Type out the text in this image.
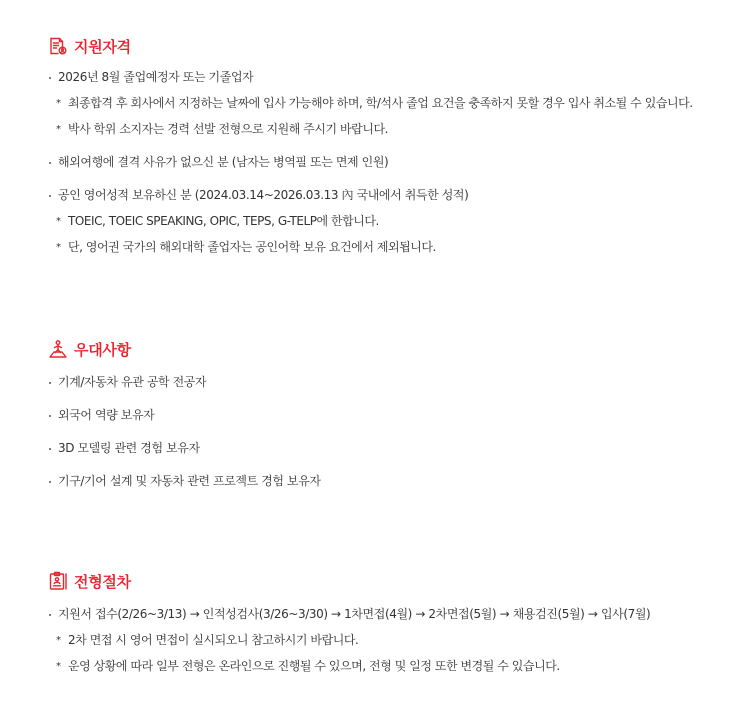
지원자격
2026년 8월 졸업예정자 또는 기졸업자
* 최종합격 후 회사에서 지정하는 날짜에 입사 가능해야 하며, 학/석사 졸업 요건을 충족하지 못할 경우 입사 취소될 수 있습니다.
* 박사 학위 소지자는 경력 선발 전형으로 지원해 주시기 바랍니다.
해외여행에 결격 사유가 없으신 분 (남자는 병역필 또는 면제 인원)
공인 영어성적 보유하신 분 (2024.03.14~2026.03.13 內 국내에서 취득한 성적)
* TOEIC, TOEIC SPEAKING, OPIC, TEPS, G-TELP에 한합니다.
* 단, 영어권 국가의 해외대학 졸업자는 공인어학 보유 요건에서 제외됩니다.
우대사항
기계/자동차 유관 공학 전공자
외국어 역량 보유자
3D 모델링 관련 경험 보유자
기구/기어 설계 및 자동차 관련 프로젝트 경험 보유자
전형절차
지원서 접수(2/26~3/13) → 인적성검사(3/26~3/30) → 1차면접(4월) → 2차면접(5월) → 채용검진(5월) → 입사(7월)
* 2차 면접 시 영어 면접이 실시되오니 참고하시기 바랍니다.
* 운영 상황에 따라 일부 전형은 온라인으로 진행될 수 있으며, 전형 및 일정 또한 변경될 수 있습니다.
